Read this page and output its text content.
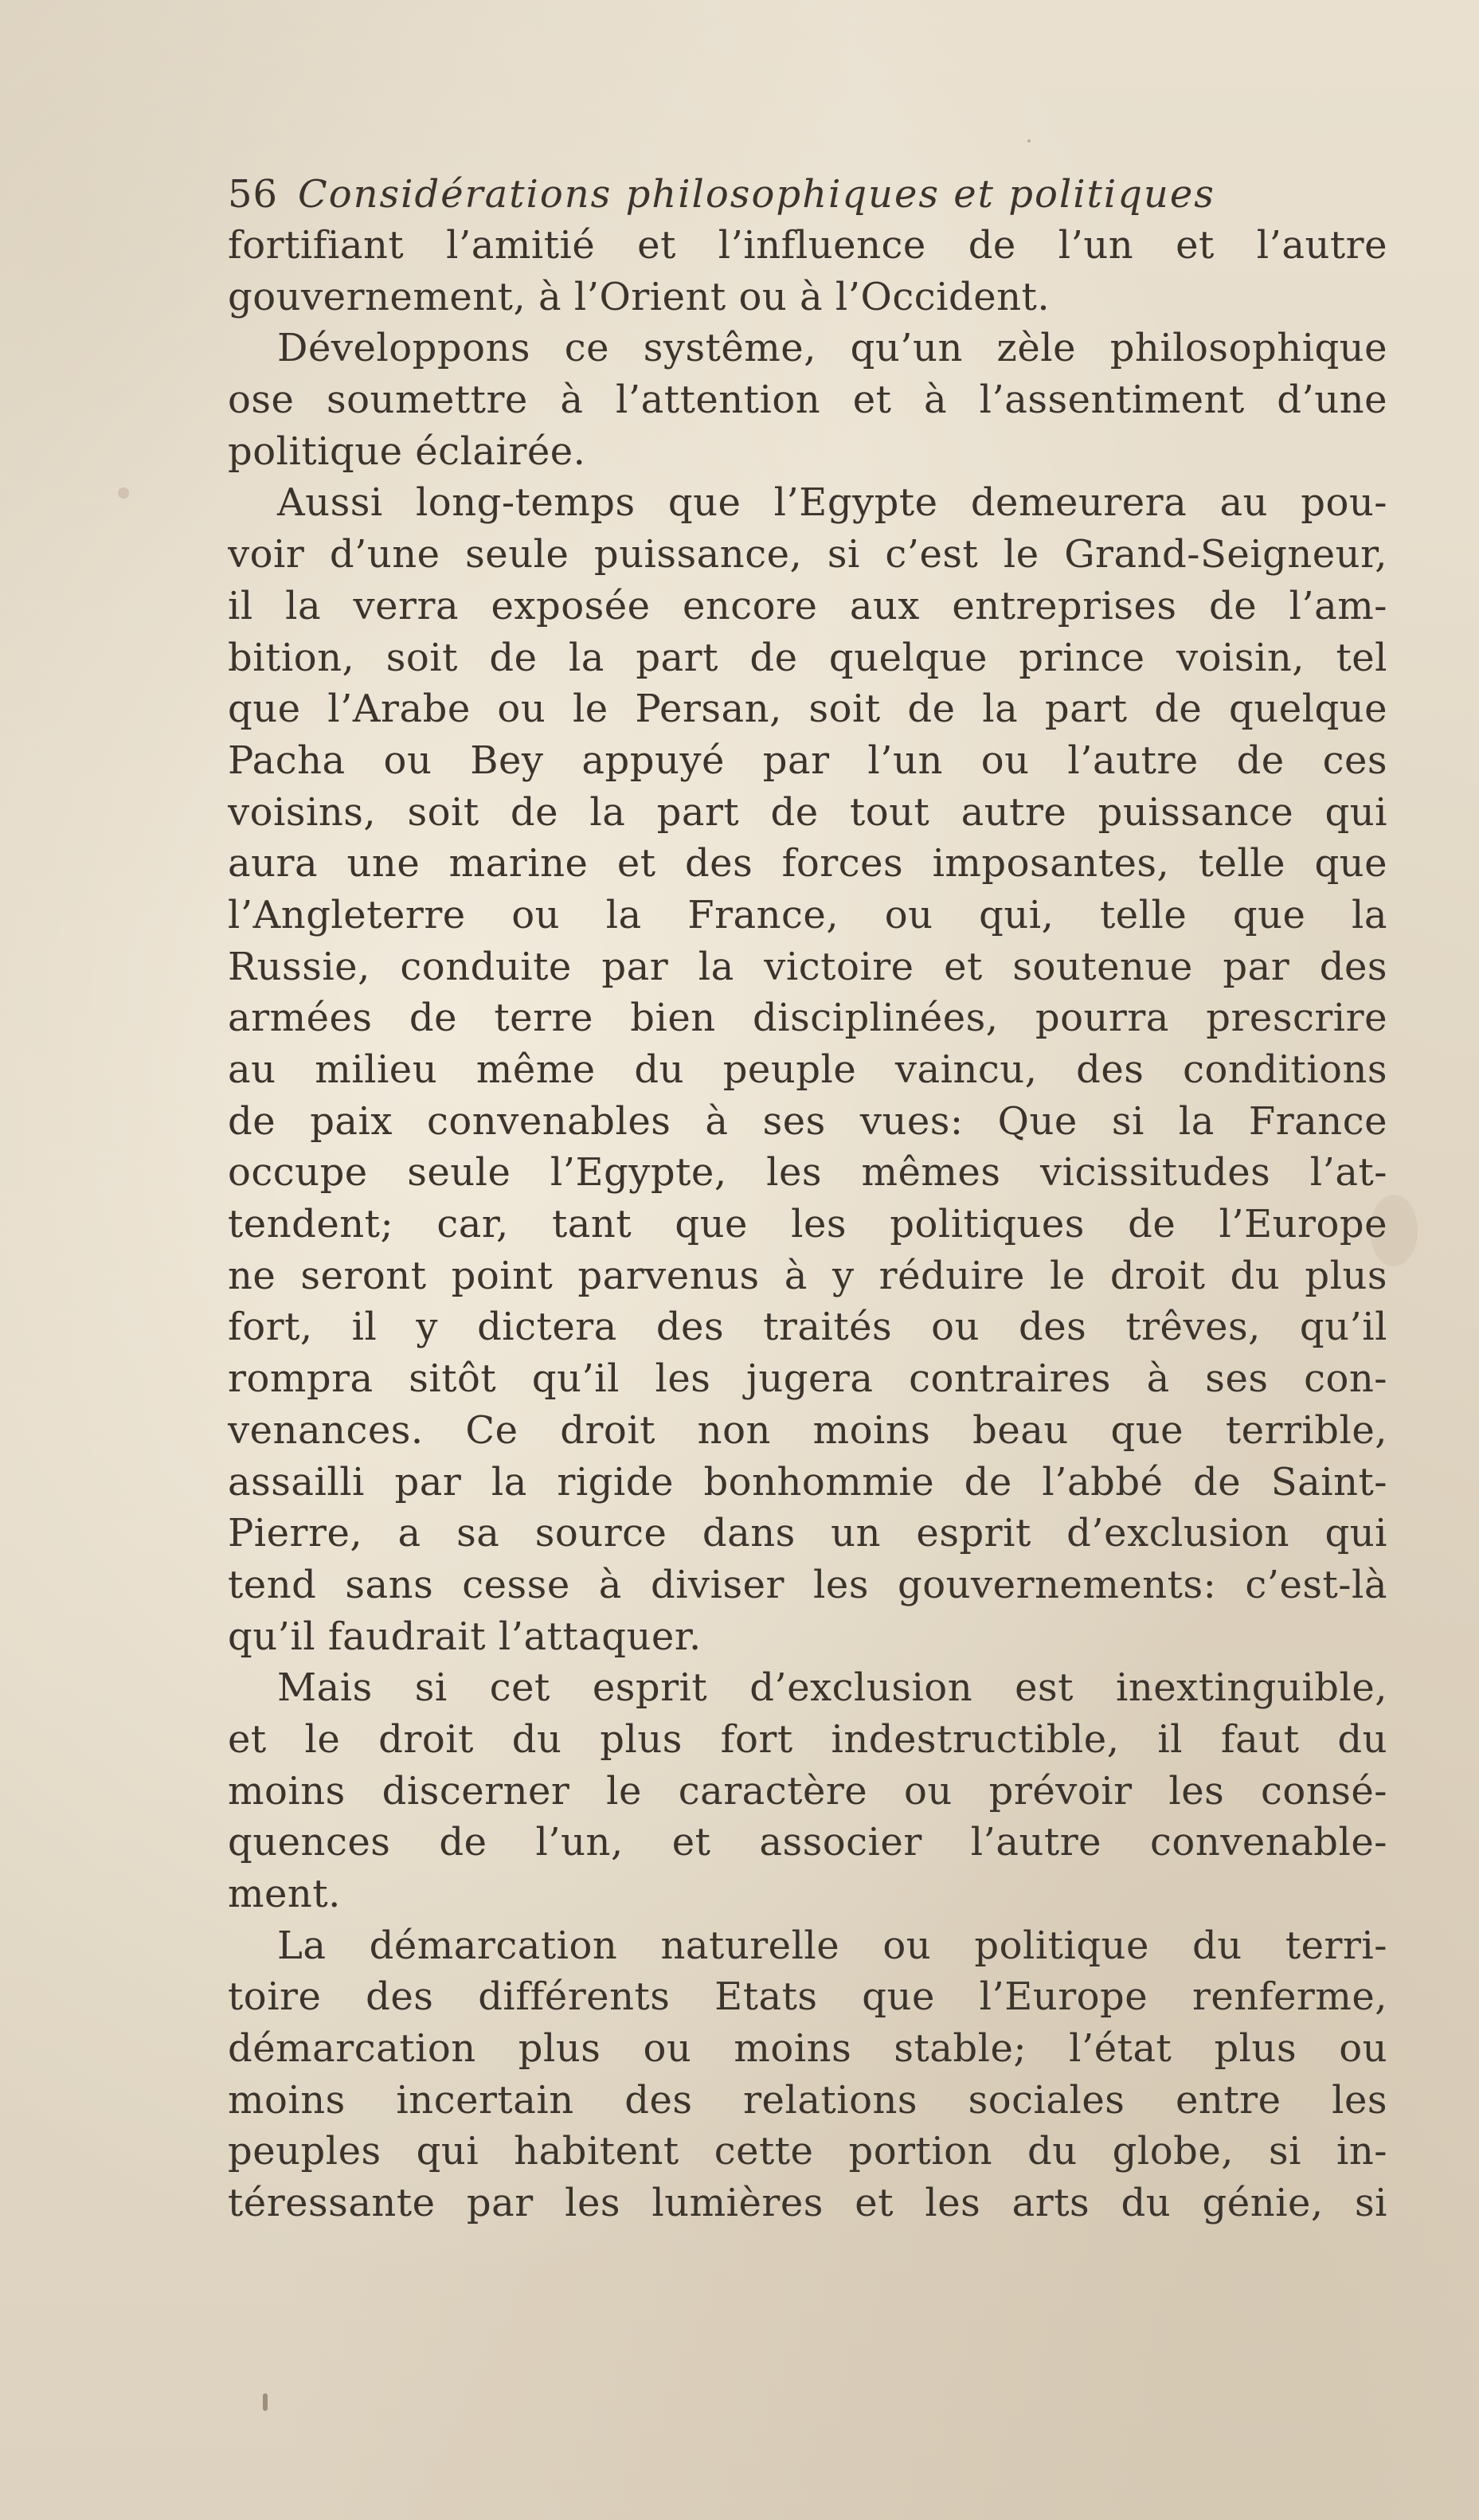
56 Considérations philosophiques et politiques
fortifiant l’amitié et l’influence de l’un et l’autre
gouvernement, à l’Orient ou à l’Occident.
Développons ce systême, qu’un zèle philosophique
ose soumettre à l’attention et à l’assentiment d’une
politique éclairée.
Aussi long-temps que l’Egypte demeurera au pou-
voir d’une seule puissance, si c’est le Grand-Seigneur,
il la verra exposée encore aux entreprises de l’am-
bition, soit de la part de quelque prince voisin, tel
que l’Arabe ou le Persan, soit de la part de quelque
Pacha ou Bey appuyé par l’un ou l’autre de ces
voisins, soit de la part de tout autre puissance qui
aura une marine et des forces imposantes, telle que
l’Angleterre ou la France, ou qui, telle que la
Russie, conduite par la victoire et soutenue par des
armées de terre bien disciplinées, pourra prescrire
au milieu même du peuple vaincu, des conditions
de paix convenables à ses vues: Que si la France
occupe seule l’Egypte, les mêmes vicissitudes l’at-
tendent; car, tant que les politiques de l’Europe
ne seront point parvenus à y réduire le droit du plus
fort, il y dictera des traités ou des trêves, qu’il
rompra sitôt qu’il les jugera contraires à ses con-
venances. Ce droit non moins beau que terrible,
assailli par la rigide bonhommie de l’abbé de Saint-
Pierre, a sa source dans un esprit d’exclusion qui
tend sans cesse à diviser les gouvernements: c’est-là
qu’il faudrait l’attaquer.
Mais si cet esprit d’exclusion est inextinguible,
et le droit du plus fort indestructible, il faut du
moins discerner le caractère ou prévoir les consé-
quences de l’un, et associer l’autre convenable-
ment.
La démarcation naturelle ou politique du terri-
toire des différents Etats que l’Europe renferme,
démarcation plus ou moins stable; l’état plus ou
moins incertain des relations sociales entre les
peuples qui habitent cette portion du globe, si in-
téressante par les lumières et les arts du génie, si
